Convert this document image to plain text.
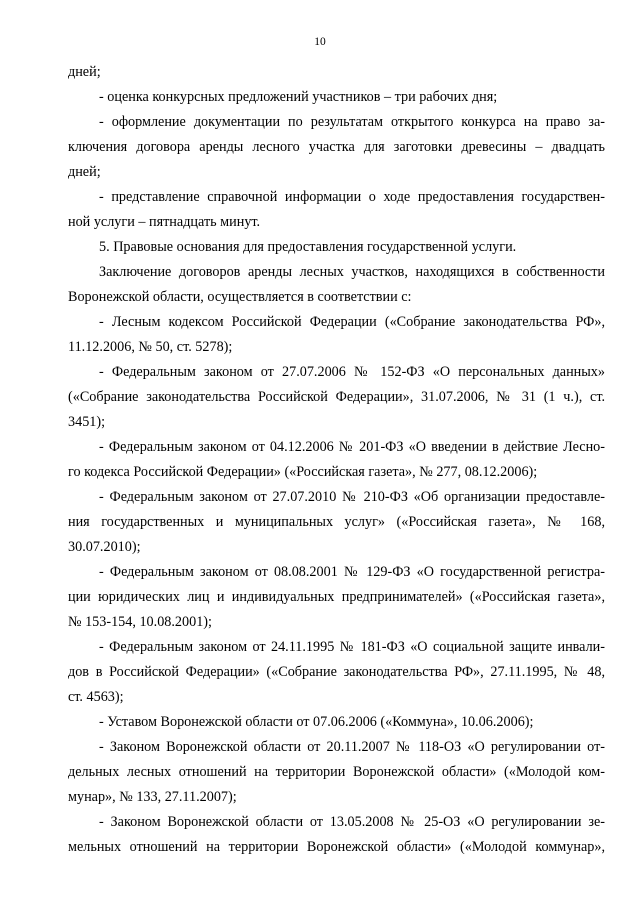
10
дней;
- оценка конкурсных предложений участников – три рабочих дня;
- оформление документации по результатам открытого конкурса на право за-
ключения договора аренды лесного участка для заготовки древесины – двадцать
дней;
- представление справочной информации о ходе предоставления государствен-
ной услуги – пятнадцать минут.
5. Правовые основания для предоставления государственной услуги.
Заключение договоров аренды лесных участков, находящихся в собственности
Воронежской области, осуществляется в соответствии с:
- Лесным кодексом Российской Федерации («Собрание законодательства РФ»,
11.12.2006, № 50, ст. 5278);
- Федеральным законом от 27.07.2006 № 152-ФЗ «О персональных данных»
(«Собрание законодательства Российской Федерации», 31.07.2006, № 31 (1 ч.), ст.
3451);
- Федеральным законом от 04.12.2006 № 201-ФЗ «О введении в действие Лесно-
го кодекса Российской Федерации» («Российская газета», № 277, 08.12.2006);
- Федеральным законом от 27.07.2010 № 210-ФЗ «Об организации предоставле-
ния государственных и муниципальных услуг» («Российская газета», № 168,
30.07.2010);
- Федеральным законом от 08.08.2001 № 129-ФЗ «О государственной регистра-
ции юридических лиц и индивидуальных предпринимателей» («Российская газета»,
№ 153-154, 10.08.2001);
- Федеральным законом от 24.11.1995 № 181-ФЗ «О социальной защите инвали-
дов в Российской Федерации» («Собрание законодательства РФ», 27.11.1995, № 48,
ст. 4563);
- Уставом Воронежской области от 07.06.2006 («Коммуна», 10.06.2006);
- Законом Воронежской области от 20.11.2007 № 118-ОЗ «О регулировании от-
дельных лесных отношений на территории Воронежской области» («Молодой ком-
мунар», № 133, 27.11.2007);
- Законом Воронежской области от 13.05.2008 № 25-ОЗ «О регулировании зе-
мельных отношений на территории Воронежской области» («Молодой коммунар»,
